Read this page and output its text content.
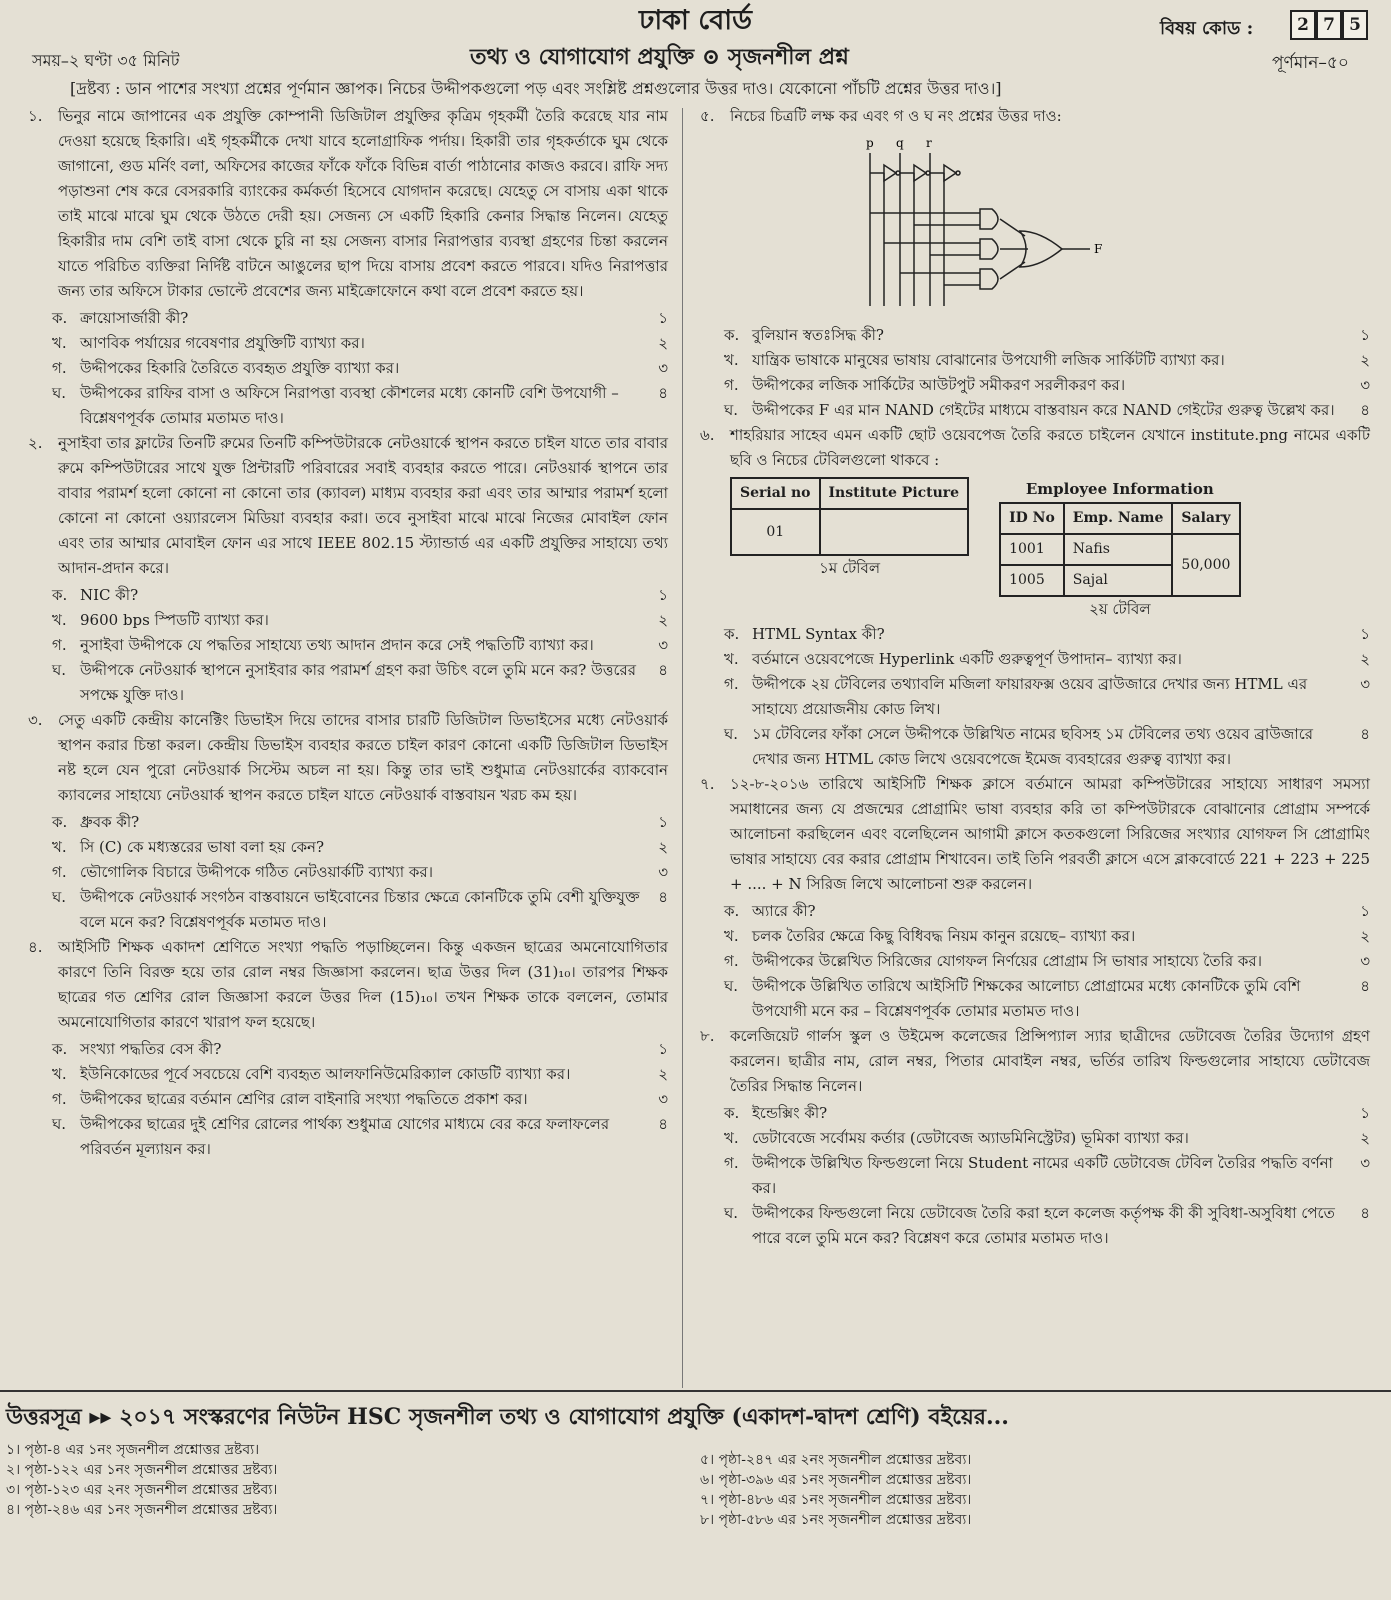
ঢাকা বোর্ড	বিষয় কোড :	2 7 5
সময়–২ ঘণ্টা ৩৫ মিনিট	তথ্য ও যোগাযোগ প্রযুক্তি ⊙ সৃজনশীল প্রশ্ন	পূর্ণমান–৫০
[দ্রষ্টব্য : ডান পাশের সংখ্যা প্রশ্নের পূর্ণমান জ্ঞাপক। নিচের উদ্দীপকগুলো পড় এবং সংশ্লিষ্ট প্রশ্নগুলোর উত্তর দাও। যেকোনো পাঁচটি প্রশ্নের উত্তর দাও।]
১.	ভিনুর নামে জাপানের এক প্রযুক্তি কোম্পানী ডিজিটাল প্রযুক্তির কৃত্রিম গৃহকর্মী তৈরি করেছে যার নাম দেওয়া হয়েছে হিকারি। এই গৃহকর্মীকে দেখা যাবে হলোগ্রাফিক পর্দায়। হিকারী তার গৃহকর্তাকে ঘুম থেকে জাগানো, গুড মর্নিং বলা, অফিসের কাজের ফাঁকে ফাঁকে বিভিন্ন বার্তা পাঠানোর কাজও করবে। রাফি সদ্য পড়াশুনা শেষ করে বেসরকারি ব্যাংকের কর্মকর্তা হিসেবে যোগদান করেছে। যেহেতু সে বাসায় একা থাকে তাই মাঝে মাঝে ঘুম থেকে উঠতে দেরী হয়। সেজন্য সে একটি হিকারি কেনার সিদ্ধান্ত নিলেন। যেহেতু হিকারীর দাম বেশি তাই বাসা থেকে চুরি না হয় সেজন্য বাসার নিরাপত্তার ব্যবস্থা গ্রহণের চিন্তা করলেন যাতে পরিচিত ব্যক্তিরা নির্দিষ্ট বাটনে আঙুলের ছাপ দিয়ে বাসায় প্রবেশ করতে পারবে। যদিও নিরাপত্তার জন্য তার অফিসে টাকার ভোল্টে প্রবেশের জন্য মাইক্রোফোনে কথা বলে প্রবেশ করতে হয়।
ক. ক্রায়োসার্জারী কী?	১
খ. আণবিক পর্যায়ের গবেষণার প্রযুক্তিটি ব্যাখ্যা কর।	২
গ. উদ্দীপকের হিকারি তৈরিতে ব্যবহৃত প্রযুক্তি ব্যাখ্যা কর।	৩
ঘ. উদ্দীপকের রাফির বাসা ও অফিসে নিরাপত্তা ব্যবস্থা কৌশলের মধ্যে কোনটি বেশি উপযোগী – বিশ্লেষণপূর্বক তোমার মতামত দাও।
৪
২.	নুসাইবা তার ফ্লাটের তিনটি রুমের তিনটি কম্পিউটারকে নেটওয়ার্কে স্থাপন করতে চাইল যাতে তার বাবার রুমে কম্পিউটারের সাথে যুক্ত প্রিন্টারটি পরিবারের সবাই ব্যবহার করতে পারে। নেটওয়ার্ক স্থাপনে তার বাবার পরামর্শ হলো কোনো না কোনো তার (ক্যাবল) মাধ্যম ব্যবহার করা এবং তার আম্মার পরামর্শ হলো কোনো না কোনো ওয়্যারলেস মিডিয়া ব্যবহার করা। তবে নুসাইবা মাঝে মাঝে নিজের মোবাইল ফোন এবং তার আম্মার মোবাইল ফোন এর সাথে IEEE 802.15 স্ট্যান্ডার্ড এর একটি প্রযুক্তির সাহায্যে তথ্য আদান-প্রদান করে।
ক. NIC কী?	১
খ. 9600 bps স্পিডটি ব্যাখ্যা কর।	২
গ. নুসাইবা উদ্দীপকে যে পদ্ধতির সাহায্যে তথ্য আদান প্রদান করে সেই পদ্ধতিটি ব্যাখ্যা কর।	৩
ঘ. উদ্দীপকে নেটওয়ার্ক স্থাপনে নুসাইবার কার পরামর্শ গ্রহণ করা উচিৎ বলে তুমি মনে কর? উত্তরের সপক্ষে যুক্তি দাও।
৪
৩.	সেতু একটি কেন্দ্রীয় কানেক্টিং ডিভাইস দিয়ে তাদের বাসার চারটি ডিজিটাল ডিভাইসের মধ্যে নেটওয়ার্ক স্থাপন করার চিন্তা করল। কেন্দ্রীয় ডিভাইস ব্যবহার করতে চাইল কারণ কোনো একটি ডিজিটাল ডিভাইস নষ্ট হলে যেন পুরো নেটওয়ার্ক সিস্টেম অচল না হয়। কিন্তু তার ভাই শুধুমাত্র নেটওয়ার্কের ব্যাকবোন ক্যাবলের সাহায্যে নেটওয়ার্ক স্থাপন করতে চাইল যাতে নেটওয়ার্ক বাস্তবায়ন খরচ কম হয়।
ক. ধ্রুবক কী?	১
খ. সি (C) কে মধ্যস্তরের ভাষা বলা হয় কেন?	২
গ. ভৌগোলিক বিচারে উদ্দীপকে গঠিত নেটওয়ার্কটি ব্যাখ্যা কর।	৩
ঘ. উদ্দীপকে নেটওয়ার্ক সংগঠন বাস্তবায়নে ভাইবোনের চিন্তার ক্ষেত্রে কোনটিকে তুমি বেশী যুক্তিযুক্ত বলে মনে কর? বিশ্লেষণপূর্বক মতামত দাও।
৪
৪.	আইসিটি শিক্ষক একাদশ শ্রেণিতে সংখ্যা পদ্ধতি পড়াচ্ছিলেন। কিন্তু একজন ছাত্রের অমনোযোগিতার কারণে তিনি বিরক্ত হয়ে তার রোল নম্বর জিজ্ঞাসা করলেন। ছাত্র উত্তর দিল (31)₁₀। তারপর শিক্ষক ছাত্রের গত শ্রেণির রোল জিজ্ঞাসা করলে উত্তর দিল (15)₁₀। তখন শিক্ষক তাকে বললেন, তোমার অমনোযোগিতার কারণে খারাপ ফল হয়েছে।
ক. সংখ্যা পদ্ধতির বেস কী?	১
খ. ইউনিকোডের পূর্বে সবচেয়ে বেশি ব্যবহৃত আলফানিউমেরিক্যাল কোডটি ব্যাখ্যা কর।	২
গ. উদ্দীপকের ছাত্রের বর্তমান শ্রেণির রোল বাইনারি সংখ্যা পদ্ধতিতে প্রকাশ কর।	৩
ঘ. উদ্দীপকের ছাত্রের দুই শ্রেণির রোলের পার্থক্য শুধুমাত্র যোগের মাধ্যমে বের করে ফলাফলের পরিবর্তন মূল্যায়ন কর।
৪
৫.	নিচের চিত্রটি লক্ষ কর এবং গ ও ঘ নং প্রশ্নের উত্তর দাও:
p q r
F
ক. বুলিয়ান স্বতঃসিদ্ধ কী?	১
খ. যান্ত্রিক ভাষাকে মানুষের ভাষায় বোঝানোর উপযোগী লজিক সার্কিটটি ব্যাখ্যা কর।	২
গ. উদ্দীপকের লজিক সার্কিটের আউটপুট সমীকরণ সরলীকরণ কর।	৩
ঘ. উদ্দীপকের F এর মান NAND গেইটের মাধ্যমে বাস্তবায়ন করে NAND গেইটের গুরুত্ব উল্লেখ কর।	৪
৬.	শাহরিয়ার সাহেব এমন একটি ছোট ওয়েবপেজ তৈরি করতে চাইলেন যেখানে institute.png নামের একটি ছবি ও নিচের টেবিলগুলো থাকবে :
Serial no	Institute Picture
01	
১ম টেবিল
Employee Information
ID No	Emp. Name	Salary
1001	Nafis	50,000
1005	Sajal	
২য় টেবিল
ক. HTML Syntax কী?	১
খ. বর্তমানে ওয়েবপেজে Hyperlink একটি গুরুত্বপূর্ণ উপাদান– ব্যাখ্যা কর।	২
গ. উদ্দীপকে ২য় টেবিলের তথ্যাবলি মজিলা ফায়ারফক্স ওয়েব ব্রাউজারে দেখার জন্য HTML এর সাহায্যে প্রয়োজনীয় কোড লিখ।
৩
ঘ. ১ম টেবিলের ফাঁকা সেলে উদ্দীপকে উল্লিখিত নামের ছবিসহ ১ম টেবিলের তথ্য ওয়েব ব্রাউজারে দেখার জন্য HTML কোড লিখে ওয়েবপেজে ইমেজ ব্যবহারের গুরুত্ব ব্যাখ্যা কর।
৪
৭.	১২-৮-২০১৬ তারিখে আইসিটি শিক্ষক ক্লাসে বর্তমানে আমরা কম্পিউটারের সাহায্যে সাধারণ সমস্যা সমাধানের জন্য যে প্রজন্মের প্রোগ্রামিং ভাষা ব্যবহার করি তা কম্পিউটারকে বোঝানোর প্রোগ্রাম সম্পর্কে আলোচনা করছিলেন এবং বলেছিলেন আগামী ক্লাসে কতকগুলো সিরিজের সংখ্যার যোগফল সি প্রোগ্রামিং ভাষার সাহায্যে বের করার প্রোগ্রাম শিখাবেন। তাই তিনি পরবর্তী ক্লাসে এসে ব্লাকবোর্ডে 221 + 223 + 225 + .... + N সিরিজ লিখে আলোচনা শুরু করলেন।
ক. অ্যারে কী?	১
খ. চলক তৈরির ক্ষেত্রে কিছু বিধিবদ্ধ নিয়ম কানুন রয়েছে– ব্যাখ্যা কর।	২
গ. উদ্দীপকের উল্লেখিত সিরিজের যোগফল নির্ণয়ের প্রোগ্রাম সি ভাষার সাহায্যে তৈরি কর।	৩
ঘ. উদ্দীপকে উল্লিখিত তারিখে আইসিটি শিক্ষকের আলোচ্য প্রোগ্রামের মধ্যে কোনটিকে তুমি বেশি উপযোগী মনে কর – বিশ্লেষণপূর্বক তোমার মতামত দাও।
৪
৮.	কলেজিয়েট গার্লস স্কুল ও উইমেন্স কলেজের প্রিন্সিপ্যাল স্যার ছাত্রীদের ডেটাবেজ তৈরির উদ্যোগ গ্রহণ করলেন। ছাত্রীর নাম, রোল নম্বর, পিতার মোবাইল নম্বর, ভর্তির তারিখ ফিল্ডগুলোর সাহায্যে ডেটাবেজ তৈরির সিদ্ধান্ত নিলেন।
ক. ইন্ডেক্সিং কী?	১
খ. ডেটাবেজে সর্বোময় কর্তার (ডেটাবেজ অ্যাডমিনিস্ট্রেটর) ভূমিকা ব্যাখ্যা কর।	২
গ. উদ্দীপকে উল্লিখিত ফিল্ডগুলো নিয়ে Student নামের একটি ডেটাবেজ টেবিল তৈরির পদ্ধতি বর্ণনা কর।
৩
ঘ. উদ্দীপকের ফিল্ডগুলো নিয়ে ডেটাবেজ তৈরি করা হলে কলেজ কর্তৃপক্ষ কী কী সুবিধা-অসুবিধা পেতে পারে বলে তুমি মনে কর? বিশ্লেষণ করে তোমার মতামত দাও।
৪
উত্তরসূত্র ▸▸ ২০১৭ সংস্করণের নিউটন HSC সৃজনশীল তথ্য ও যোগাযোগ প্রযুক্তি (একাদশ-দ্বাদশ শ্রেণি) বইয়ের...
১। পৃষ্ঠা-৪ এর ১নং সৃজনশীল প্রশ্নোত্তর দ্রষ্টব্য।
২। পৃষ্ঠা-১২২ এর ১নং সৃজনশীল প্রশ্নোত্তর দ্রষ্টব্য।
৩। পৃষ্ঠা-১২৩ এর ২নং সৃজনশীল প্রশ্নোত্তর দ্রষ্টব্য।
৪। পৃষ্ঠা-২৪৬ এর ১নং সৃজনশীল প্রশ্নোত্তর দ্রষ্টব্য।
৫। পৃষ্ঠা-২৪৭ এর ২নং সৃজনশীল প্রশ্নোত্তর দ্রষ্টব্য।
৬। পৃষ্ঠা-৩৯৬ এর ১নং সৃজনশীল প্রশ্নোত্তর দ্রষ্টব্য।
৭। পৃষ্ঠা-৪৮৬ এর ১নং সৃজনশীল প্রশ্নোত্তর দ্রষ্টব্য।
৮। পৃষ্ঠা-৫৮৬ এর ১নং সৃজনশীল প্রশ্নোত্তর দ্রষ্টব্য।
